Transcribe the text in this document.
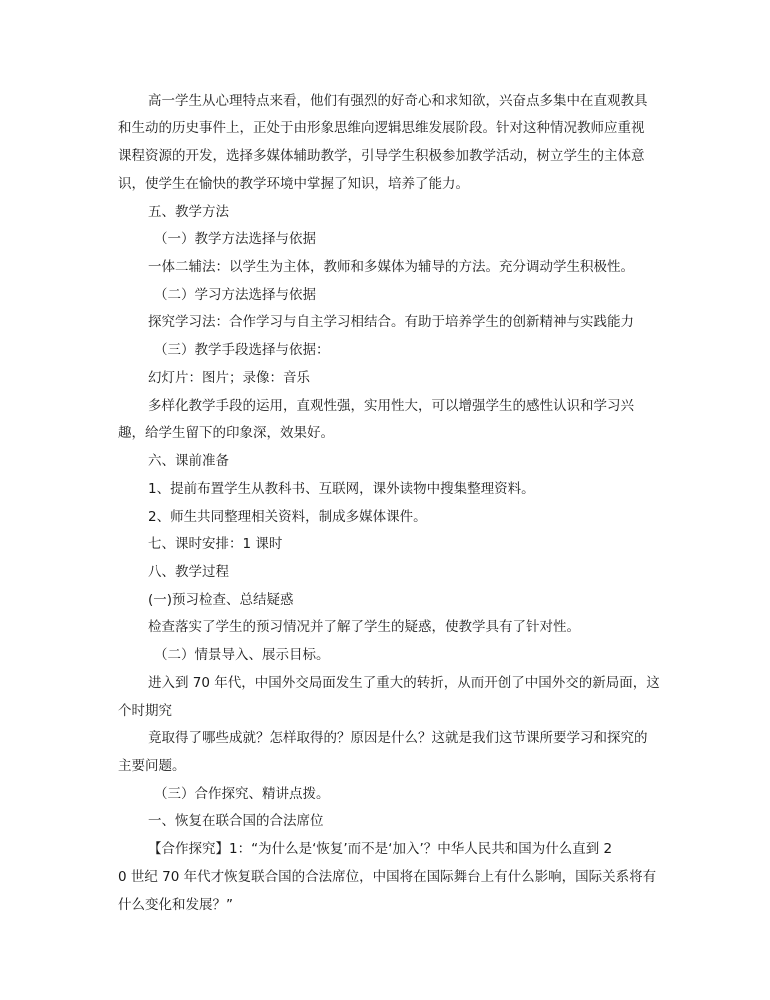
高一学生从心理特点来看，他们有强烈的好奇心和求知欲，兴奋点多集中在直观教具
和生动的历史事件上，正处于由形象思维向逻辑思维发展阶段。针对这种情况教师应重视
课程资源的开发，选择多媒体辅助教学，引导学生积极参加教学活动，树立学生的主体意
识，使学生在愉快的教学环境中掌握了知识，培养了能力。
五、教学方法
（一）教学方法选择与依据
一体二辅法：以学生为主体，教师和多媒体为辅导的方法。充分调动学生积极性。
（二）学习方法选择与依据
探究学习法：合作学习与自主学习相结合。有助于培养学生的创新精神与实践能力
（三）教学手段选择与依据：
幻灯片：图片；录像：音乐
多样化教学手段的运用，直观性强，实用性大，可以增强学生的感性认识和学习兴
趣，给学生留下的印象深，效果好。
六、课前准备
1、提前布置学生从教科书、互联网，课外读物中搜集整理资料。
2、师生共同整理相关资料，制成多媒体课件。
七、课时安排：1 课时
八、教学过程
(一)预习检查、总结疑惑
检查落实了学生的预习情况并了解了学生的疑惑，使教学具有了针对性。
（二）情景导入、展示目标。
进入到 70 年代，中国外交局面发生了重大的转折，从而开创了中国外交的新局面，这
个时期究
竟取得了哪些成就？怎样取得的？原因是什么？这就是我们这节课所要学习和探究的
主要问题。
（三）合作探究、精讲点拨。
一、恢复在联合国的合法席位
【合作探究】1：“为什么是‘恢复’而不是‘加入’？中华人民共和国为什么直到 2
0 世纪 70 年代才恢复联合国的合法席位，中国将在国际舞台上有什么影响，国际关系将有
什么变化和发展？”
